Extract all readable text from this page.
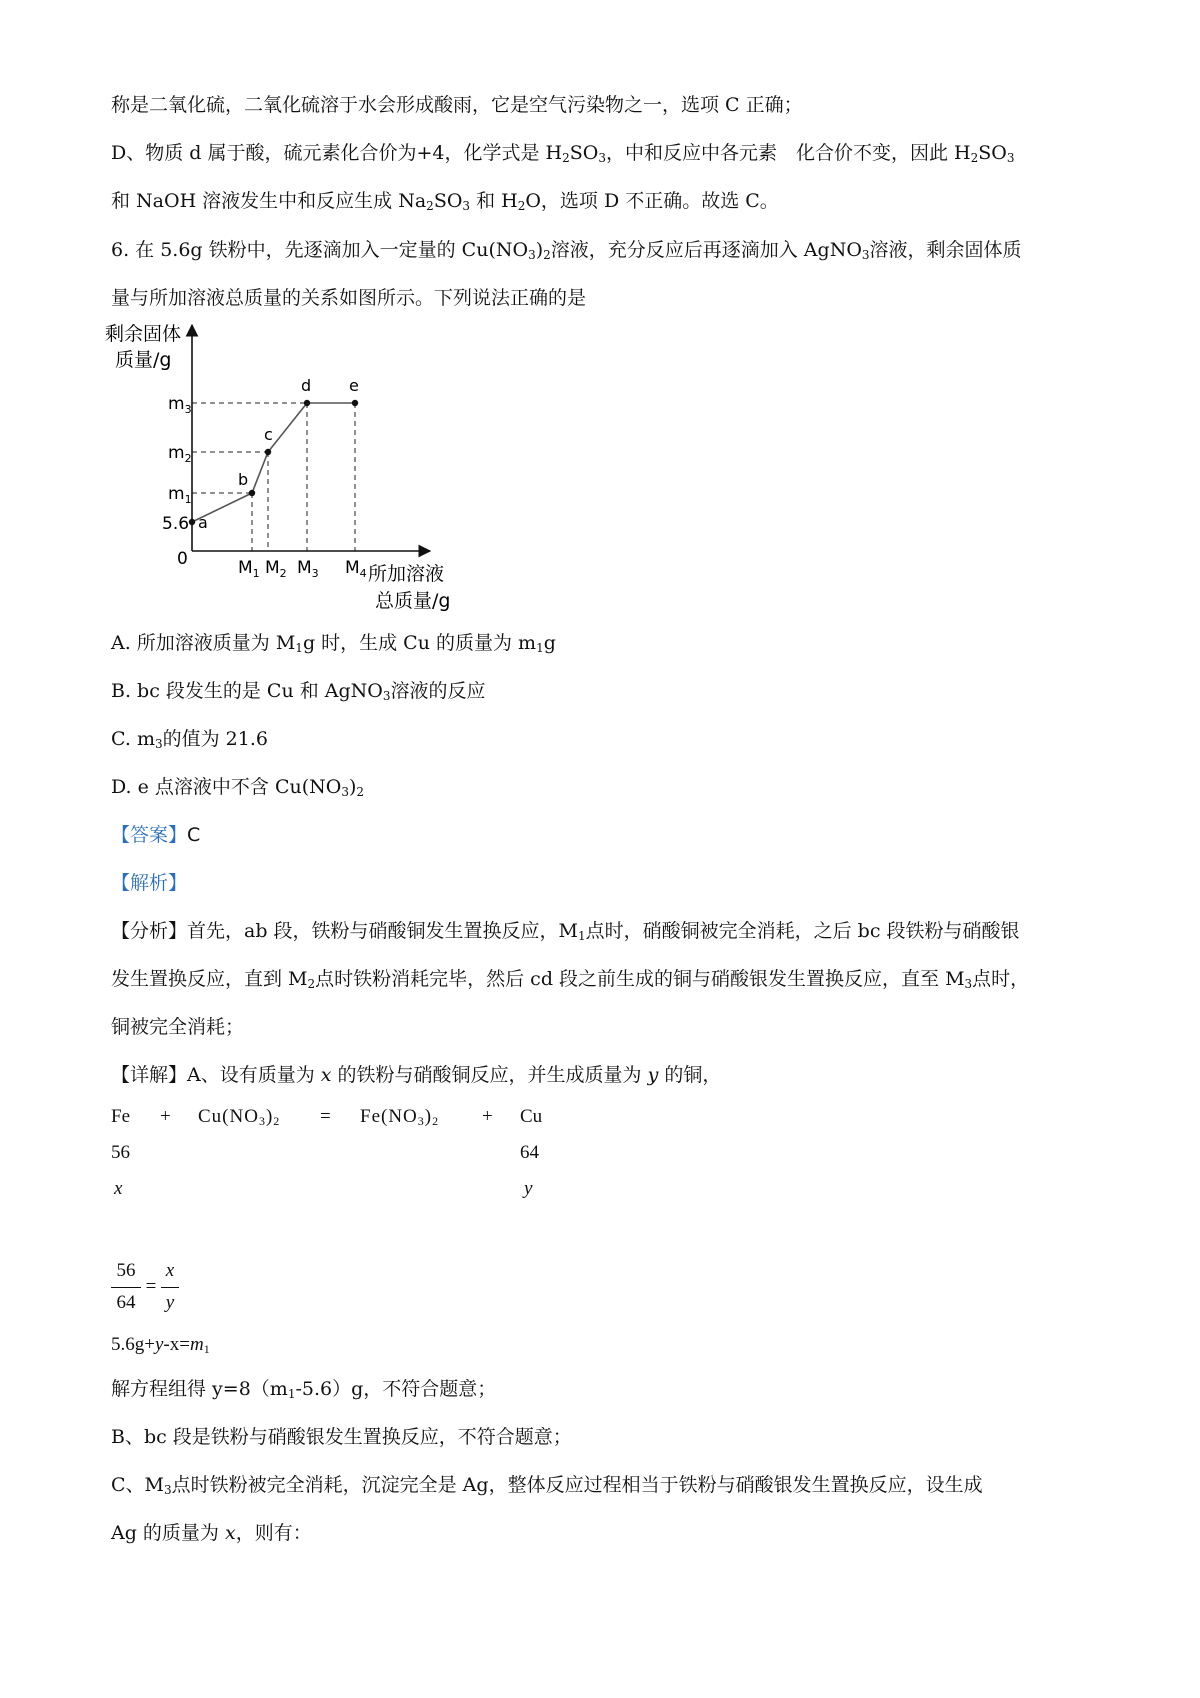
称是二氧化硫，二氧化硫溶于水会形成酸雨，它是空气污染物之一，选项 C 正确；
D、物质 d 属于酸，硫元素化合价为+4，化学式是 $H_2SO_3$，中和反应中各元素　化合价不变，因此 $H_2SO_3$
和 NaOH 溶液发生中和反应生成 $Na_2SO_3$ 和 $H_2O$，选项 D 不正确。故选 C。
6. 在 5.6g 铁粉中，先逐滴加入一定量的 $Cu(NO_3)_2$溶液，充分反应后再逐滴加入 AgNO$_3$溶液，剩余固体质
量与所加溶液总质量的关系如图所示。下列说法正确的是
a
b
c
d e
5.6
$m_1$
$m_2$
$m_3$
$M_1$ $M_2$ $M_3$ $M_4$
剩余固体
质量/g
所加溶液
总质量/g
0
A. 所加溶液质量为 $M_1g$ 时，生成 Cu 的质量为 $m_1g$
B. bc 段发生的是 Cu 和 AgNO$_3$溶液的反应
C. $m_3$的值为 21.6
D. e 点溶液中不含 $Cu(NO_3)_2$
【答案】C
【解析】
【分析】首先，ab 段，铁粉与硝酸铜发生置换反应，$M_1$点时，硝酸铜被完全消耗，之后 bc 段铁粉与硝酸银
发生置换反应，直到 $M_2$点时铁粉消耗完毕，然后 cd 段之前生成的铜与硝酸银发生置换反应，直至 $M_3$点时，
铜被完全消耗；
【详解】A、设有质量为 x 的铁粉与硝酸铜反应，并生成质量为 y 的铜，
$Fe + Cu(NO_3)_2 = Fe(NO_3)_2 + Cu$
56	64
x	y
56
64
=
x
y
$5.6g+y-x=m_1$
解方程组得 $y=8(m_1-5.6)g$，不符合题意；
B、bc 段是铁粉与硝酸银发生置换反应，不符合题意；
C、$M_3$点时铁粉被完全消耗，沉淀完全是 Ag，整体反应过程相当于铁粉与硝酸银发生置换反应，设生成
Ag 的质量为 x，则有：
